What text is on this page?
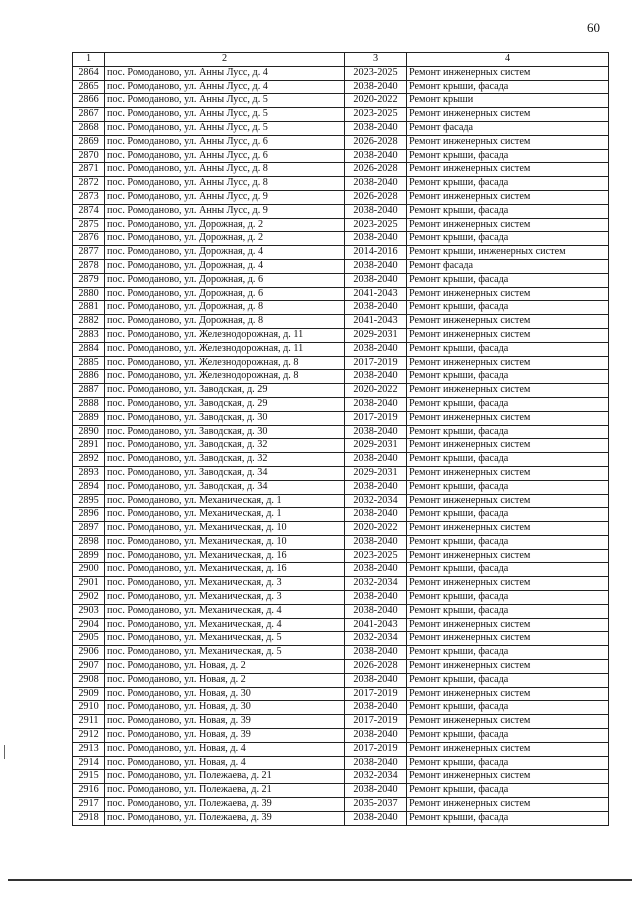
60
1	2	3	4
2864	пос. Ромоданово, ул. Анны Лусс, д. 4	2023-2025	Ремонт инженерных систем
2865	пос. Ромоданово, ул. Анны Лусс, д. 4	2038-2040	Ремонт крыши, фасада
2866	пос. Ромоданово, ул. Анны Лусс, д. 5	2020-2022	Ремонт крыши
2867	пос. Ромоданово, ул. Анны Лусс, д. 5	2023-2025	Ремонт инженерных систем
2868	пос. Ромоданово, ул. Анны Лусс, д. 5	2038-2040	Ремонт фасада
2869	пос. Ромоданово, ул. Анны Лусс, д. 6	2026-2028	Ремонт инженерных систем
2870	пос. Ромоданово, ул. Анны Лусс, д. 6	2038-2040	Ремонт крыши, фасада
2871	пос. Ромоданово, ул. Анны Лусс, д. 8	2026-2028	Ремонт инженерных систем
2872	пос. Ромоданово, ул. Анны Лусс, д. 8	2038-2040	Ремонт крыши, фасада
2873	пос. Ромоданово, ул. Анны Лусс, д. 9	2026-2028	Ремонт инженерных систем
2874	пос. Ромоданово, ул. Анны Лусс, д. 9	2038-2040	Ремонт крыши, фасада
2875	пос. Ромоданово, ул. Дорожная, д. 2	2023-2025	Ремонт инженерных систем
2876	пос. Ромоданово, ул. Дорожная, д. 2	2038-2040	Ремонт крыши, фасада
2877	пос. Ромоданово, ул. Дорожная, д. 4	2014-2016	Ремонт крыши, инженерных систем
2878	пос. Ромоданово, ул. Дорожная, д. 4	2038-2040	Ремонт фасада
2879	пос. Ромоданово, ул. Дорожная, д. 6	2038-2040	Ремонт крыши, фасада
2880	пос. Ромоданово, ул. Дорожная, д. 6	2041-2043	Ремонт инженерных систем
2881	пос. Ромоданово, ул. Дорожная, д. 8	2038-2040	Ремонт крыши, фасада
2882	пос. Ромоданово, ул. Дорожная, д. 8	2041-2043	Ремонт инженерных систем
2883	пос. Ромоданово, ул. Железнодорожная, д. 11	2029-2031	Ремонт инженерных систем
2884	пос. Ромоданово, ул. Железнодорожная, д. 11	2038-2040	Ремонт крыши, фасада
2885	пос. Ромоданово, ул. Железнодорожная, д. 8	2017-2019	Ремонт инженерных систем
2886	пос. Ромоданово, ул. Железнодорожная, д. 8	2038-2040	Ремонт крыши, фасада
2887	пос. Ромоданово, ул. Заводская, д. 29	2020-2022	Ремонт инженерных систем
2888	пос. Ромоданово, ул. Заводская, д. 29	2038-2040	Ремонт крыши, фасада
2889	пос. Ромоданово, ул. Заводская, д. 30	2017-2019	Ремонт инженерных систем
2890	пос. Ромоданово, ул. Заводская, д. 30	2038-2040	Ремонт крыши, фасада
2891	пос. Ромоданово, ул. Заводская, д. 32	2029-2031	Ремонт инженерных систем
2892	пос. Ромоданово, ул. Заводская, д. 32	2038-2040	Ремонт крыши, фасада
2893	пос. Ромоданово, ул. Заводская, д. 34	2029-2031	Ремонт инженерных систем
2894	пос. Ромоданово, ул. Заводская, д. 34	2038-2040	Ремонт крыши, фасада
2895	пос. Ромоданово, ул. Механическая, д. 1	2032-2034	Ремонт инженерных систем
2896	пос. Ромоданово, ул. Механическая, д. 1	2038-2040	Ремонт крыши, фасада
2897	пос. Ромоданово, ул. Механическая, д. 10	2020-2022	Ремонт инженерных систем
2898	пос. Ромоданово, ул. Механическая, д. 10	2038-2040	Ремонт крыши, фасада
2899	пос. Ромоданово, ул. Механическая, д. 16	2023-2025	Ремонт инженерных систем
2900	пос. Ромоданово, ул. Механическая, д. 16	2038-2040	Ремонт крыши, фасада
2901	пос. Ромоданово, ул. Механическая, д. 3	2032-2034	Ремонт инженерных систем
2902	пос. Ромоданово, ул. Механическая, д. 3	2038-2040	Ремонт крыши, фасада
2903	пос. Ромоданово, ул. Механическая, д. 4	2038-2040	Ремонт крыши, фасада
2904	пос. Ромоданово, ул. Механическая, д. 4	2041-2043	Ремонт инженерных систем
2905	пос. Ромоданово, ул. Механическая, д. 5	2032-2034	Ремонт инженерных систем
2906	пос. Ромоданово, ул. Механическая, д. 5	2038-2040	Ремонт крыши, фасада
2907	пос. Ромоданово, ул. Новая, д. 2	2026-2028	Ремонт инженерных систем
2908	пос. Ромоданово, ул. Новая, д. 2	2038-2040	Ремонт крыши, фасада
2909	пос. Ромоданово, ул. Новая, д. 30	2017-2019	Ремонт инженерных систем
2910	пос. Ромоданово, ул. Новая, д. 30	2038-2040	Ремонт крыши, фасада
2911	пос. Ромоданово, ул. Новая, д. 39	2017-2019	Ремонт инженерных систем
2912	пос. Ромоданово, ул. Новая, д. 39	2038-2040	Ремонт крыши, фасада
2913	пос. Ромоданово, ул. Новая, д. 4	2017-2019	Ремонт инженерных систем
2914	пос. Ромоданово, ул. Новая, д. 4	2038-2040	Ремонт крыши, фасада
2915	пос. Ромоданово, ул. Полежаева, д. 21	2032-2034	Ремонт инженерных систем
2916	пос. Ромоданово, ул. Полежаева, д. 21	2038-2040	Ремонт крыши, фасада
2917	пос. Ромоданово, ул. Полежаева, д. 39	2035-2037	Ремонт инженерных систем
2918	пос. Ромоданово, ул. Полежаева, д. 39	2038-2040	Ремонт крыши, фасада
